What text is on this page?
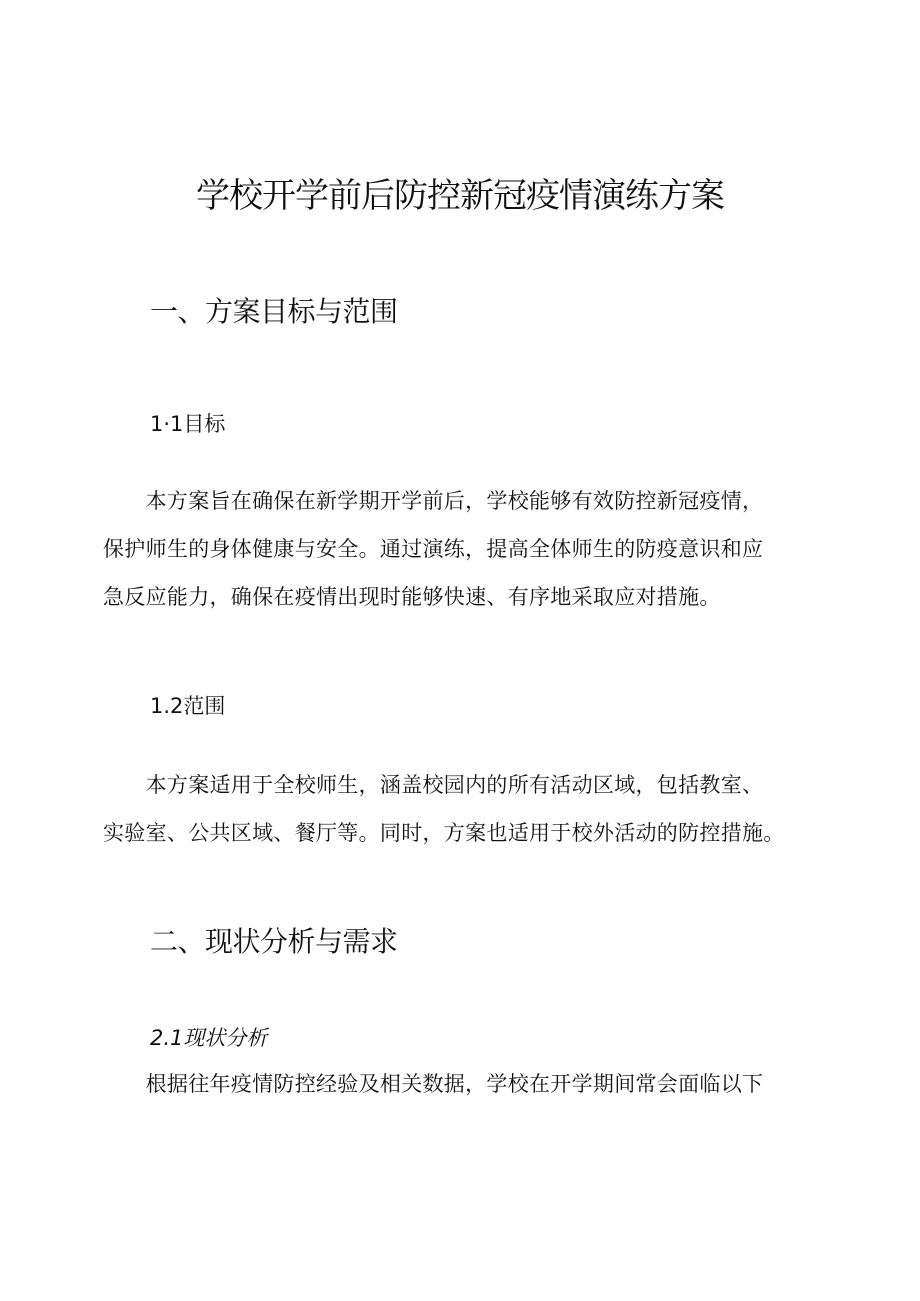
学校开学前后防控新冠疫情演练方案
一、方案目标与范围
1·1目标
　　本方案旨在确保在新学期开学前后，学校能够有效防控新冠疫情，
保护师生的身体健康与安全。通过演练，提高全体师生的防疫意识和应
急反应能力，确保在疫情出现时能够快速、有序地采取应对措施。
1.2范围
　　本方案适用于全校师生，涵盖校园内的所有活动区域，包括教室、
实验室、公共区域、餐厅等。同时，方案也适用于校外活动的防控措施。
二、现状分析与需求
2.1现状分析
　　根据往年疫情防控经验及相关数据，学校在开学期间常会面临以下
